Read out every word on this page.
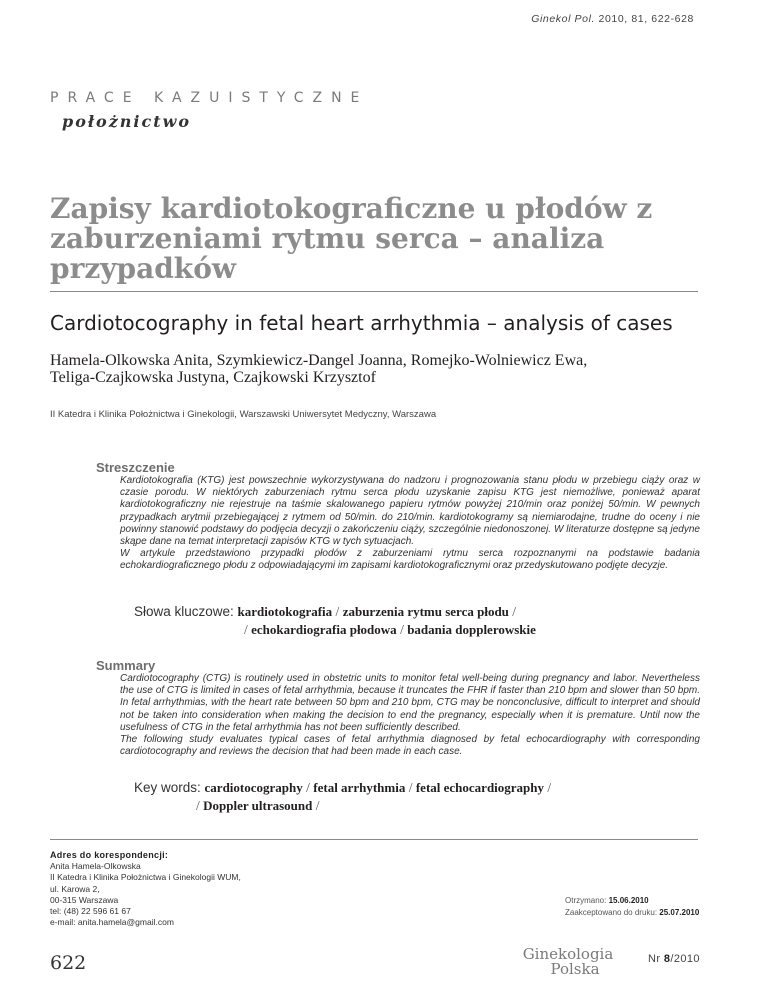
Ginekol Pol. 2010, 81, 622-628
PRACE KAZUISTYCZNE
położnictwo
Zapisy kardiotokograficzne u płodów z zaburzeniami rytmu serca – analiza przypadków
Cardiotocography in fetal heart arrhythmia – analysis of cases
Hamela-Olkowska Anita, Szymkiewicz-Dangel Joanna, Romejko-Wolniewicz Ewa,
Teliga-Czajkowska Justyna, Czajkowski Krzysztof
II Katedra i Klinika Położnictwa i Ginekologii, Warszawski Uniwersytet Medyczny, Warszawa
Streszczenie

Kardiotokografia (KTG) jest powszechnie wykorzystywana do nadzoru i prognozowania stanu płodu w przebiegu ciąży oraz w czasie porodu. W niektórych zaburzeniach rytmu serca płodu uzyskanie zapisu KTG jest niemożliwe, ponieważ aparat kardiotokograficzny nie rejestruje na taśmie skalowanego papieru rytmów powyżej 210/min oraz poniżej 50/min. W pewnych przypadkach arytmii przebiegającej z rytmem od 50/min. do 210/min. kardiotokogramy są niemiarodajne, trudne do oceny i nie powinny stanowić podstawy do podjęcia decyzji o zakończeniu ciąży, szczególnie niedonoszonej. W literaturze dostępne są jedyne skąpe dane na temat interpretacji zapisów KTG w tych sytuacjach.

W artykule przedstawiono przypadki płodów z zaburzeniami rytmu serca rozpoznanymi na podstawie badania echokardiograficznego płodu z odpowiadającymi im zapisami kardiotokograficznymi oraz przedyskutowano podjęte decyzje.

Słowa kluczowe: kardiotokografia / zaburzenia rytmu serca płodu /
/ echokardiografia płodowa / badania dopplerowskie
Summary

Cardiotocography (CTG) is routinely used in obstetric units to monitor fetal well-being during pregnancy and labor. Nevertheless the use of CTG is limited in cases of fetal arrhythmia, because it truncates the FHR if faster than 210 bpm and slower than 50 bpm. In fetal arrhythmias, with the heart rate between 50 bpm and 210 bpm, CTG may be nonconclusive, difficult to interpret and should not be taken into consideration when making the decision to end the pregnancy, especially when it is premature. Until now the usefulness of CTG in the fetal arrhythmia has not been sufficiently described.

The following study evaluates typical cases of fetal arrhythmia diagnosed by fetal echocardiography with corresponding cardiotocography and reviews the decision that had been made in each case.

Key words: cardiotocography / fetal arrhythmia / fetal echocardiography /
/ Doppler ultrasound /
Adres do korespondencji:
Anita Hamela-Olkowska
II Katedra i Klinika Położnictwa i Ginekologii WUM,
ul. Karowa 2,
00-315 Warszawa
tel: (48) 22 596 61 67
e-mail: anita.hamela@gmail.com
Otrzymano: 15.06.2010
Zaakceptowano do druku: 25.07.2010
622	Ginekologia
Polska
Nr 8/2010
